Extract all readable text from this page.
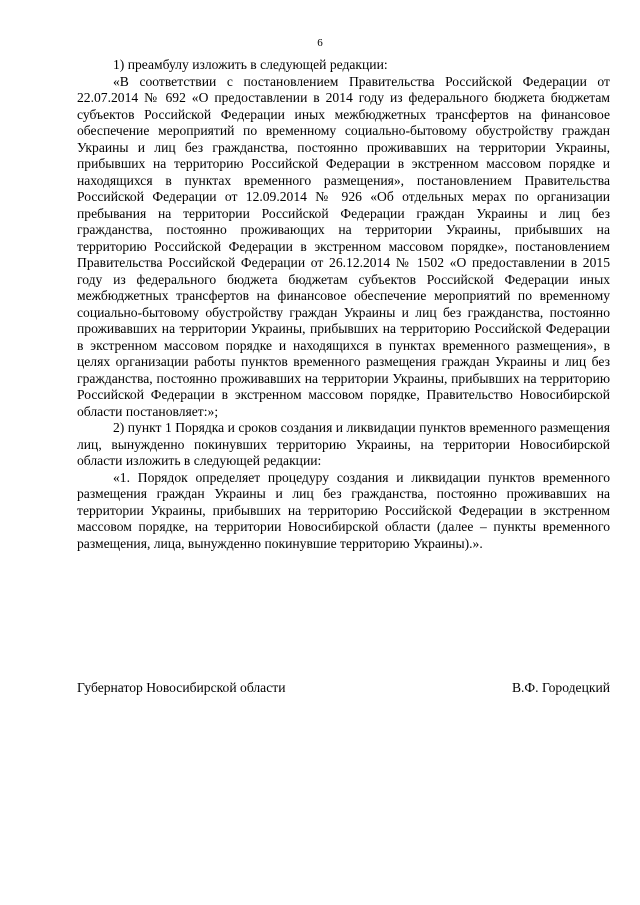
6

1) преамбулу изложить в следующей редакции:

«В соответствии с постановлением Правительства Российской Федерации от 22.07.2014 № 692 «О предоставлении в 2014 году из федерального бюджета бюджетам субъектов Российской Федерации иных межбюджетных трансфертов на финансовое обеспечение мероприятий по временному социально-бытовому обустройству граждан Украины и лиц без гражданства, постоянно проживавших на территории Украины, прибывших на территорию Российской Федерации в экстренном массовом порядке и находящихся в пунктах временного размещения», постановлением Правительства Российской Федерации от 12.09.2014 № 926 «Об отдельных мерах по организации пребывания на территории Российской Федерации граждан Украины и лиц без гражданства, постоянно проживающих на территории Украины, прибывших на территорию Российской Федерации в экстренном массовом порядке», постановлением Правительства Российской Федерации от 26.12.2014 № 1502 «О предоставлении в 2015 году из федерального бюджета бюджетам субъектов Российской Федерации иных межбюджетных трансфертов на финансовое обеспечение мероприятий по временному социально-бытовому обустройству граждан Украины и лиц без гражданства, постоянно проживавших на территории Украины, прибывших на территорию Российской Федерации в экстренном массовом порядке и находящихся в пунктах временного размещения», в целях организации работы пунктов временного размещения граждан Украины и лиц без гражданства, постоянно проживавших на территории Украины, прибывших на территорию Российской Федерации в экстренном массовом порядке, Правительство Новосибирской области постановляет:»;

2) пункт 1 Порядка и сроков создания и ликвидации пунктов временного размещения лиц, вынужденно покинувших территорию Украины, на территории Новосибирской области изложить в следующей редакции:

«1. Порядок определяет процедуру создания и ликвидации пунктов временного размещения граждан Украины и лиц без гражданства, постоянно проживавших на территории Украины, прибывших на территорию Российской Федерации в экстренном массовом порядке, на территории Новосибирской области (далее – пункты временного размещения, лица, вынужденно покинувшие территорию Украины).».

Губернатор Новосибирской области	В.Ф. Городецкий
